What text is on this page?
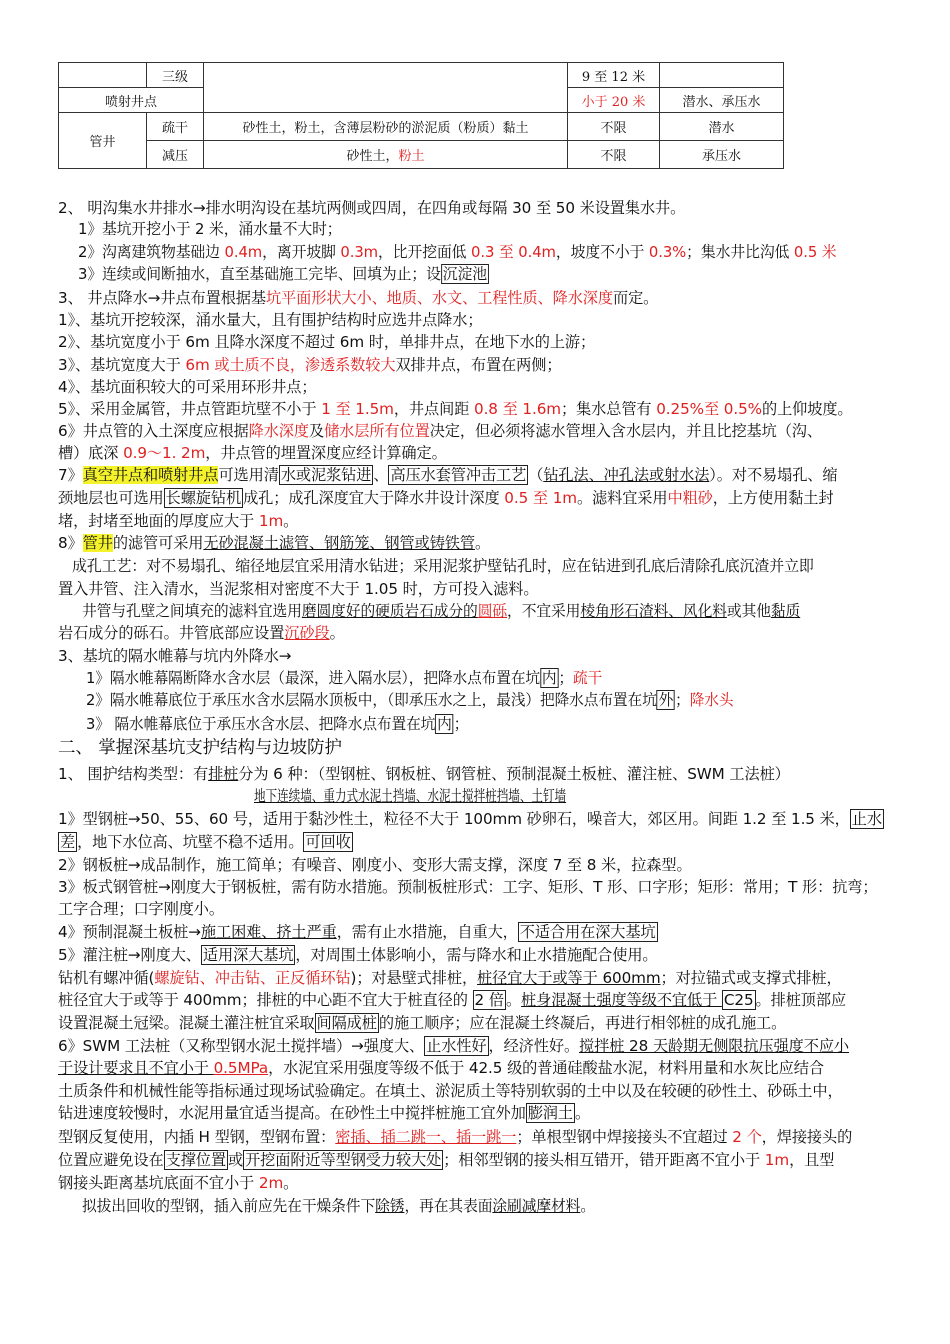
	三级		9 至 12 米	
喷射井点			小于 20 米	潜水、承压水
管井	疏干	砂性土，粉土，含薄层粉砂的淤泥质（粉质）黏土	不限	潜水
	减压	砂性土，粉土	不限	承压水
2、 明沟集水井排水→排水明沟设在基坑两侧或四周，在四角或每隔 30 至 50 米设置集水井。
1》基坑开挖小于 2 米，涌水量不大时；
2》沟离建筑物基础边 0.4m，离开坡脚 0.3m，比开挖面低 0.3 至 0.4m，坡度不小于 0.3%；集水井比沟低 0.5 米
3》连续或间断抽水，直至基础施工完毕、回填为止；设 沉淀池
3、 井点降水→井点布置根据基坑平面形状大小、地质、水文、工程性质、降水深度而定。
1》、基坑开挖较深，涌水量大，且有围护结构时应选井点降水；
2》、基坑宽度小于 6m 且降水深度不超过 6m 时，单排井点，在地下水的上游；
3》、基坑宽度大于 6m 或土质不良，渗透系数较大双排井点，布置在两侧；
4》、基坑面积较大的可采用环形井点；
5》、采用金属管，井点管距坑壁不小于 1 至 1.5m，井点间距 0.8 至 1.6m；集水总管有 0.25%至 0.5%的上仰坡度。
6》井点管的入土深度应根据降水深度及储水层所有位置决定，但必须将滤水管埋入含水层内，并且比挖基坑（沟、
槽）底深 0.9～1. 2m，井点管的埋置深度应经计算确定。
7》真空井点和喷射井点可选用清 水或泥浆钻进 、 高压水套管冲击工艺 （钻孔法、冲孔法或射水法）。对不易塌孔、缩
颈地层也可选用 长螺旋钻机 成孔；成孔深度宜大于降水井设计深度 0.5 至 1m。滤料宜采用中粗砂，上方使用黏土封
堵，封堵至地面的厚度应大于 1m。
8》管井的滤管可采用无砂混凝土滤管、钢筋笼、钢管或铸铁管。
成孔工艺：对不易塌孔、缩径地层宜采用清水钻进；采用泥浆护壁钻孔时，应在钻进到孔底后清除孔底沉渣并立即
置入井管、注入清水，当泥浆相对密度不大于 1.05 时，方可投入滤料。
井管与孔壁之间填充的滤料宜选用磨圆度好的硬质岩石成分的圆砾，不宜采用棱角形石渣料、风化料或其他黏质
岩石成分的砾石。井管底部应设置沉砂段。
3、基坑的隔水帷幕与坑内外降水→
1》隔水帷幕隔断降水含水层（最深，进入隔水层），把降水点布置在坑 内 ；疏干
2》隔水帷幕底位于承压水含水层隔水顶板中，（即承压水之上，最浅）把降水点布置在坑 外 ；降水头
3》 隔水帷幕底位于承压水含水层、把降水点布置在坑 内 ；
二、 掌握深基坑支护结构与边坡防护
1、 围护结构类型：有排桩分为 6 种：（型钢桩、钢板桩、钢管桩、预制混凝土板桩、灌注桩、SWM 工法桩）
地下连续墙、重力式水泥土挡墙、水泥土搅拌桩挡墙、土钉墙
1》型钢桩→50、55、60 号，适用于黏沙性土，粒径不大于 100mm 砂卵石，噪音大，郊区用。间距 1.2 至 1.5 米， 止水
差 ，地下水位高、坑壁不稳不适用。 可回收
2》钢板桩→成品制作，施工简单；有噪音、刚度小、变形大需支撑，深度 7 至 8 米，拉森型。
3》板式钢管桩→刚度大于钢板桩，需有防水措施。预制板桩形式：工字、矩形、T 形、口字形；矩形：常用；T 形：抗弯；
工字合理；口字刚度小。
4》预制混凝土板桩→施工困难、挤土严重，需有止水措施，自重大， 不适合用在深大基坑
5》灌注桩→刚度大、 适用深大基坑 ，对周围土体影响小，需与降水和止水措施配合使用。
钻机有螺冲循(螺旋钻、冲击钻、正反循环钻)；对悬壁式排桩，桩径宜大于或等于 600mm；对拉锚式或支撑式排桩，
桩径宜大于或等于 400mm；排桩的中心距不宜大于桩直径的 2 倍 。桩身混凝土强度等级不宜低于 C25 。排桩顶部应
设置混凝土冠梁。混凝土灌注桩宜采取 间隔成桩 的施工顺序；应在混凝土终凝后，再进行相邻桩的成孔施工。
6》SWM 工法桩（又称型钢水泥土搅拌墙）→强度大、 止水性好 ，经济性好。搅拌桩 28 天龄期无侧限抗压强度不应小
于设计要求且不宜小于 0.5MPa，水泥宜采用强度等级不低于 42.5 级的普通硅酸盐水泥，材料用量和水灰比应结合
土质条件和机械性能等指标通过现场试验确定。在填土、淤泥质土等特别软弱的土中以及在较硬的砂性土、砂砾土中，
钻进速度较慢时，水泥用量宜适当提高。在砂性土中搅拌桩施工宜外加 膨润土 。
型钢反复使用，内插 H 型钢，型钢布置：密插、插二跳一、插一跳一；单根型钢中焊接接头不宜超过 2 个，焊接接头的
位置应避免设在 支撑位置 或 开挖面附近等型钢受力较大处 ；相邻型钢的接头相互错开，错开距离不宜小于 1m，且型
钢接头距离基坑底面不宜小于 2m。
拟拔出回收的型钢，插入前应先在干燥条件下除锈，再在其表面涂刷减摩材料。
